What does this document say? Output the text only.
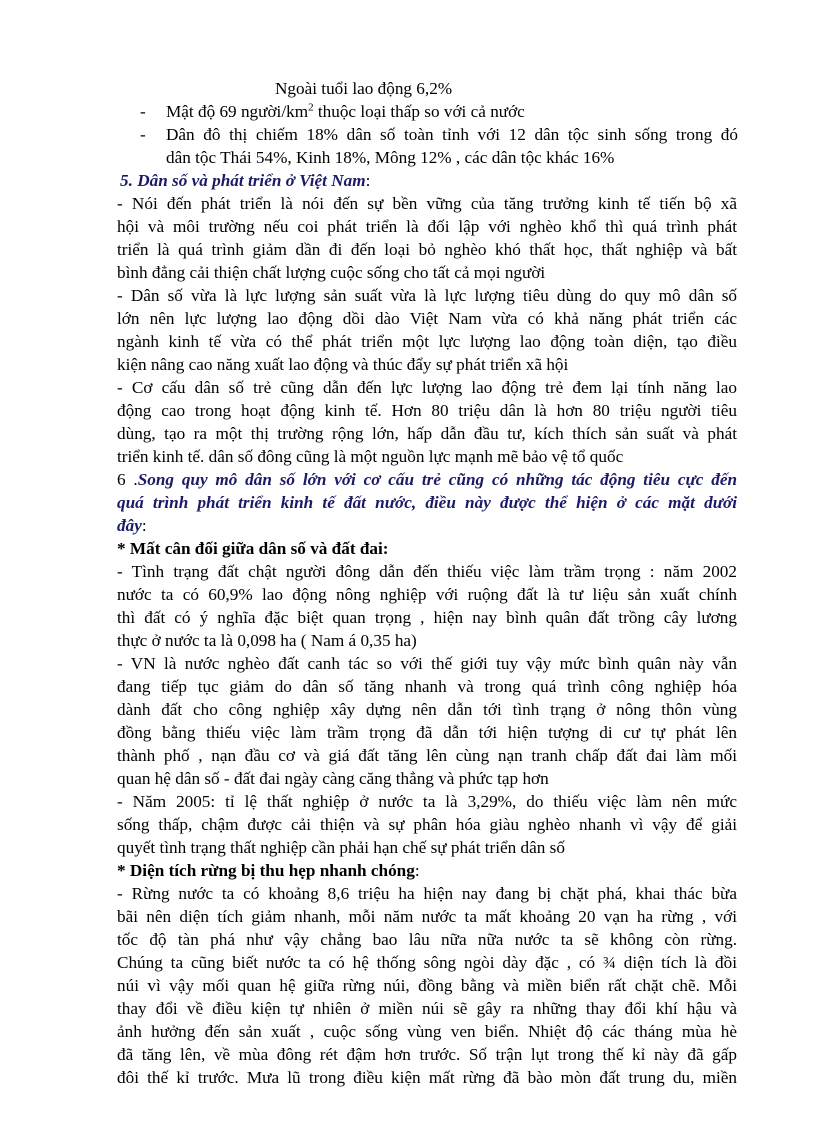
Ngoài tuổi lao động 6,2%
- Mật độ 69 người/$km^2$ thuộc loại thấp so với cả nước
- Dân đô thị chiếm 18% dân số toàn tỉnh với 12 dân tộc sinh sống trong đó
dân tộc Thái 54%, Kinh 18%, Mông 12% , các dân tộc khác 16%
5. Dân số và phát triển ở Việt Nam:
- Nói đến phát triển là nói đến sự bền vững của tăng trưởng kinh tế tiến bộ xã
hội và môi trường nếu coi phát triển là đối lập với nghèo khổ thì quá trình phát
triển là quá trình giảm dần đi đến loại bỏ nghèo khó thất học, thất nghiệp và bất
bình đẳng cải thiện chất lượng cuộc sống cho tất cả mọi người
- Dân số vừa là lực lượng sản suất vừa là lực lượng tiêu dùng do quy mô dân số
lớn nên lực lượng lao động dồi dào Việt Nam vừa có khả năng phát triển các
ngành kinh tế vừa có thể phát triển một lực lượng lao động toàn diện, tạo điều
kiện nâng cao năng xuất lao động và thúc đẩy sự phát triển xã hội
- Cơ cấu dân số trẻ cũng dẫn đến lực lượng lao động trẻ đem lại tính năng lao
động cao trong hoạt động kinh tế. Hơn 80 triệu dân là hơn 80 triệu người tiêu
dùng, tạo ra một thị trường rộng lớn, hấp dẫn đầu tư, kích thích sản suất và phát
triển kinh tế. dân số đông cũng là một nguồn lực mạnh mẽ bảo vệ tổ quốc
6 .Song quy mô dân số lớn với cơ cấu trẻ cũng có những tác động tiêu cực đến
quá trình phát triển kinh tế đất nước, điều này được thể hiện ở các mặt dưới
đây:
* Mất cân đối giữa dân số và đất đai:
- Tình trạng đất chật người đông dẫn đến thiếu việc làm trầm trọng : năm 2002
nước ta có 60,9% lao động nông nghiệp với ruộng đất là tư liệu sản xuất chính
thì đất có ý nghĩa đặc biệt quan trọng , hiện nay bình quân đất trồng cây lương
thực ở nước ta là 0,098 ha ( Nam á 0,35 ha)
- VN là nước nghèo đất canh tác so với thế giới tuy vậy mức bình quân này vẫn
đang tiếp tục giảm do dân số tăng nhanh và trong quá trình công nghiệp hóa
dành đất cho công nghiệp xây dựng nên dẫn tới tình trạng ở nông thôn vùng
đồng bằng thiếu việc làm trầm trọng đã dẫn tới hiện tượng di cư tự phát lên
thành phố , nạn đầu cơ và giá đất tăng lên cùng nạn tranh chấp đất đai làm mối
quan hệ dân số - đất đai ngày càng căng thẳng và phức tạp hơn
- Năm 2005: tỉ lệ thất nghiệp ở nước ta là 3,29%, do thiếu việc làm nên mức
sống thấp, chậm được cải thiện và sự phân hóa giàu nghèo nhanh vì vậy để giải
quyết tình trạng thất nghiệp cần phải hạn chế sự phát triển dân số
* Diện tích rừng bị thu hẹp nhanh chóng:
- Rừng nước ta có khoảng 8,6 triệu ha hiện nay đang bị chặt phá, khai thác bừa
bãi nên diện tích giảm nhanh, mỗi năm nước ta mất khoảng 20 vạn ha rừng , với
tốc độ tàn phá như vậy chẳng bao lâu nữa nữa nước ta sẽ không còn rừng.
Chúng ta cũng biết nước ta có hệ thống sông ngòi dày đặc , có ¾ diện tích là đồi
núi vì vậy mối quan hệ giữa rừng núi, đồng bằng và miền biển rất chặt chẽ. Mỗi
thay đổi về điều kiện tự nhiên ở miền núi sẽ gây ra những thay đổi khí hậu và
ảnh hưởng đến sản xuất , cuộc sống vùng ven biển. Nhiệt độ các tháng mùa hè
đã tăng lên, về mùa đông rét đậm hơn trước. Số trận lụt trong thế kỉ này đã gấp
đôi thế kỉ trước. Mưa lũ trong điều kiện mất rừng đã bào mòn đất trung du, miền
